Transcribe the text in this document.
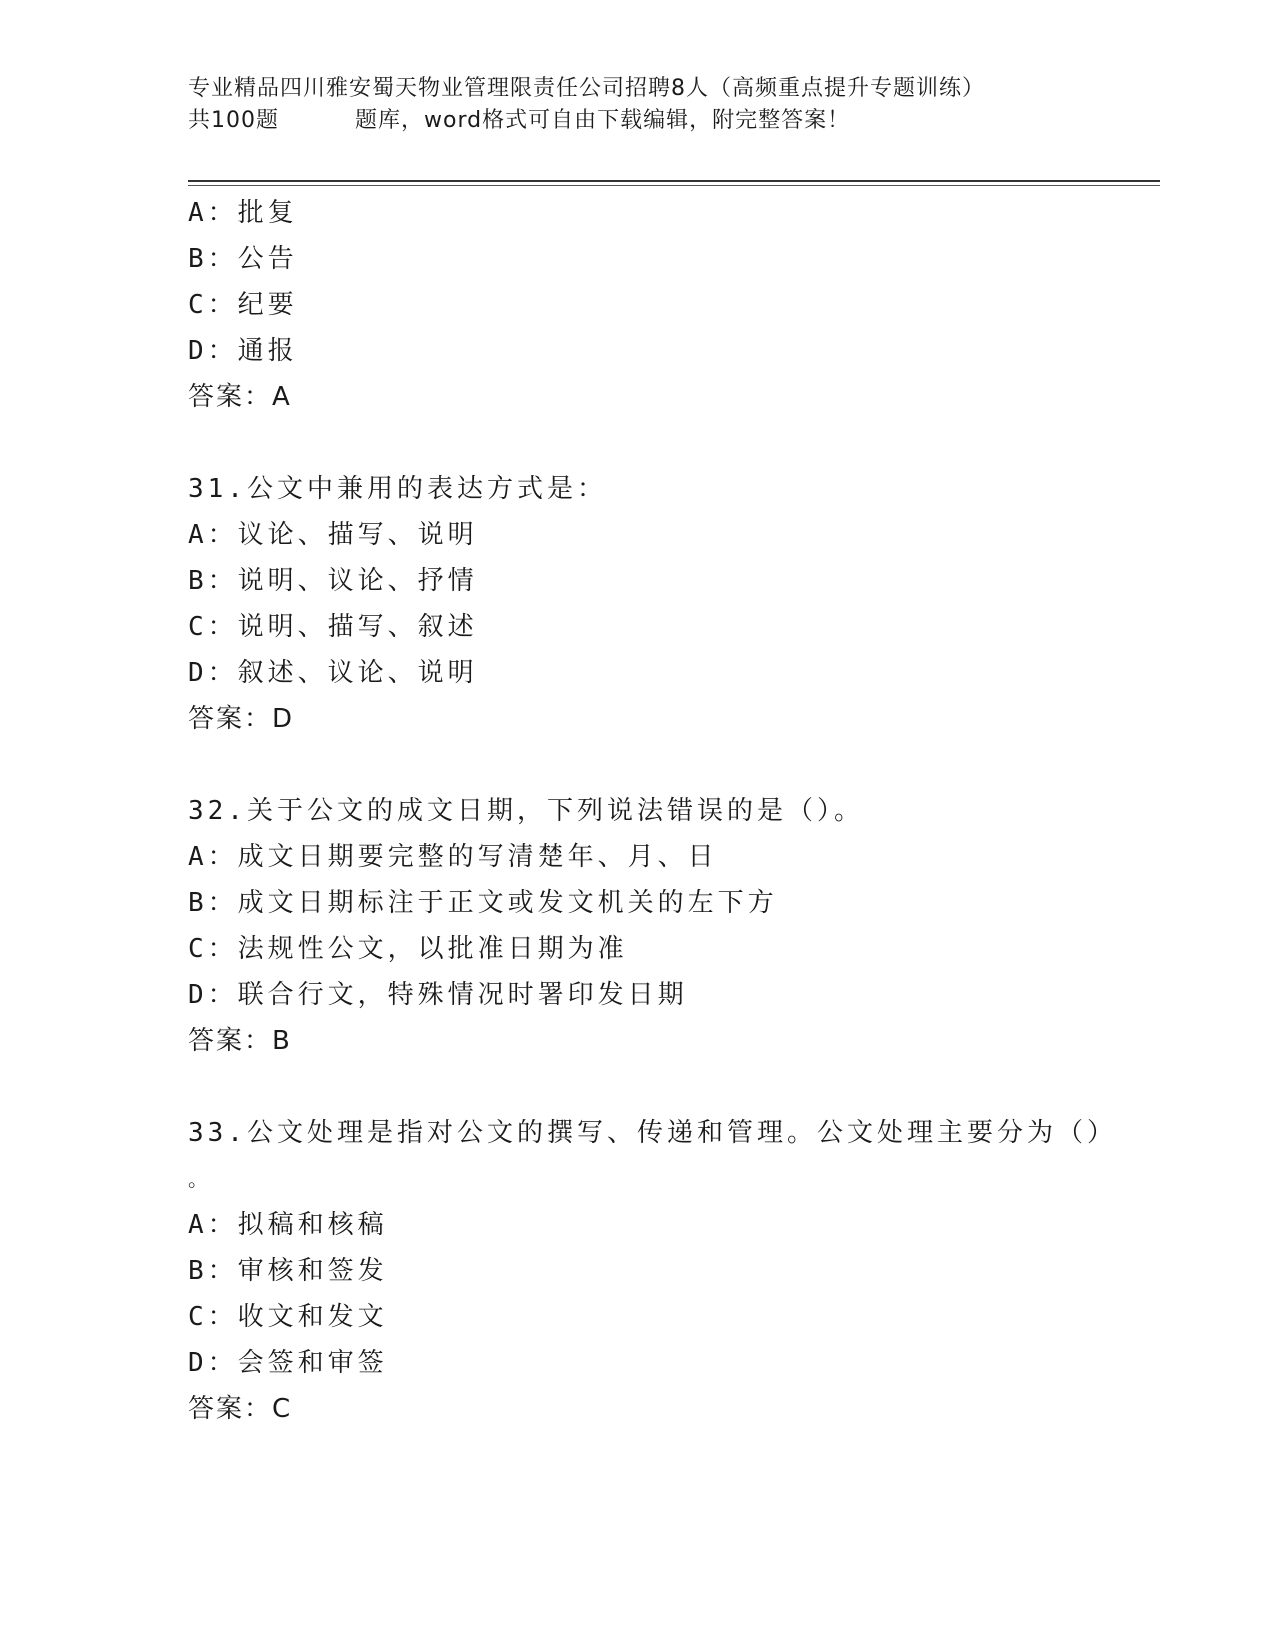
专业精品四川雅安蜀天物业管理限责任公司招聘8人（高频重点提升专题训练）
共100题	题库，word格式可自由下载编辑，附完整答案！
A：批复
B：公告
C：纪要
D：通报
答案：A
31.公文中兼用的表达方式是：
A：议论、描写、说明
B：说明、议论、抒情
C：说明、描写、叙述
D：叙述、议论、说明
答案：D
32.关于公文的成文日期，下列说法错误的是（）。
A：成文日期要完整的写清楚年、月、日
B：成文日期标注于正文或发文机关的左下方
C：法规性公文，以批准日期为准
D：联合行文，特殊情况时署印发日期
答案：B
33.公文处理是指对公文的撰写、传递和管理。公文处理主要分为（）
。
A：拟稿和核稿
B：审核和签发
C：收文和发文
D：会签和审签
答案：C
